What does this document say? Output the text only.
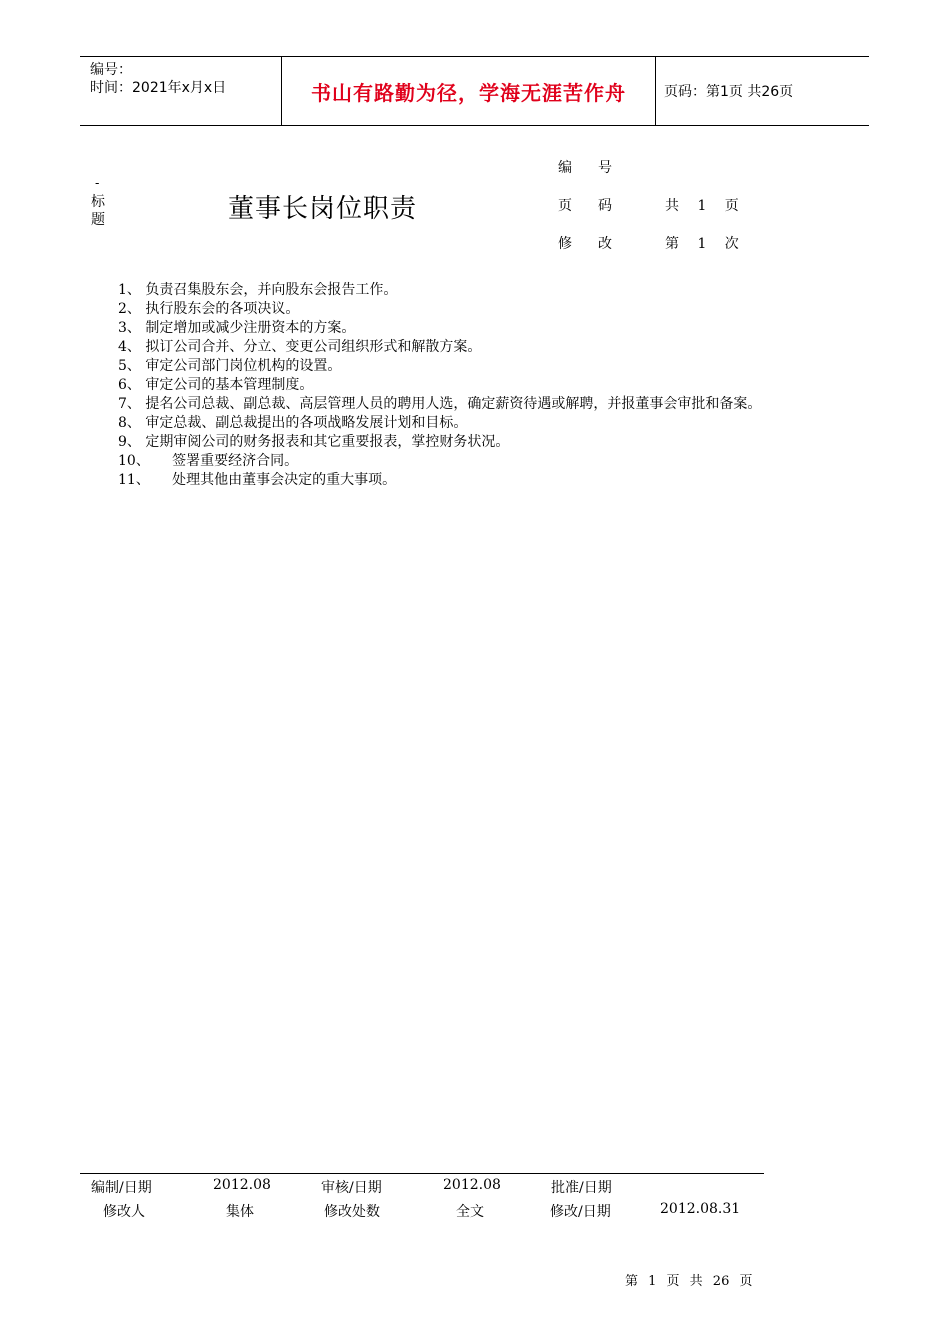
编号：
时间：2021年x月x日	书山有路勤为径，学海无涯苦作舟	页码：第1页 共26页
-
标题	董事长岗位职责
编号
页码 共 1 页
修改 第 1 次
1、 负责召集股东会，并向股东会报告工作。
2、 执行股东会的各项决议。
3、 制定增加或减少注册资本的方案。
4、 拟订公司合并、分立、变更公司组织形式和解散方案。
5、 审定公司部门岗位机构的设置。
6、 审定公司的基本管理制度。
7、 提名公司总裁、副总裁、高层管理人员的聘用人选，确定薪资待遇或解聘，并报董事会审批和备案。
8、 审定总裁、副总裁提出的各项战略发展计划和目标。
9、 定期审阅公司的财务报表和其它重要报表，掌控财务状况。
10、 签署重要经济合同。
11、 处理其他由董事会决定的重大事项。
编制/日期	2012.08	审核/日期	2012.08	批准/日期
修改人	集体	修改处数	全文	修改/日期	2012.08.31
第 1 页 共 26 页
